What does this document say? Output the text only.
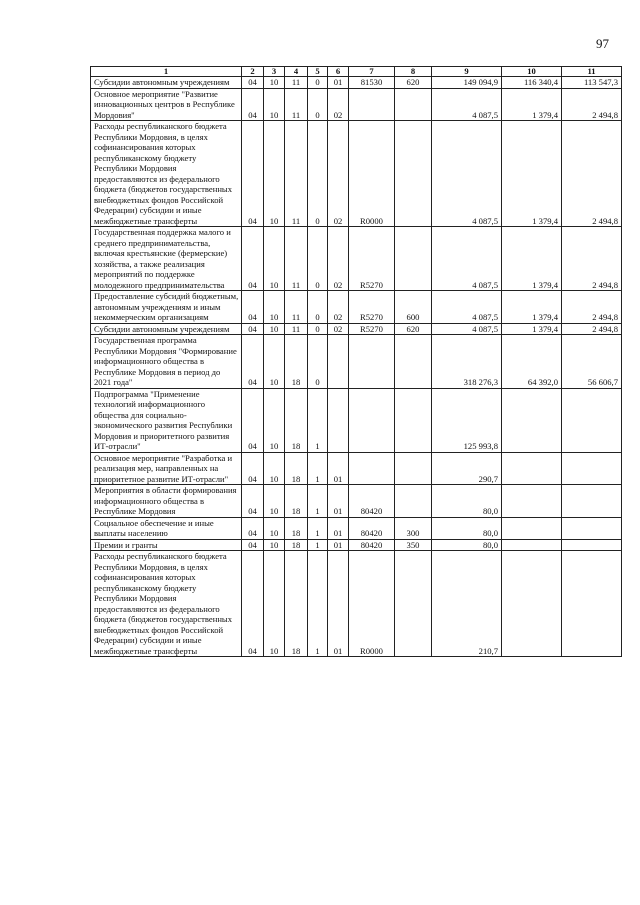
97
1	2	3	4	5	6	7	8	9	10	11
Субсидии автономным учреждениям	04	10	11	0	01	81530	620	149 094,9	116 340,4	113 547,3
Основное мероприятие "Развитие инновационных центров в Республике Мордовия"	04	10	11	0	02			4 087,5	1 379,4	2 494,8
Расходы республиканского бюджета Республики Мордовия, в целях софинансирования которых республиканскому бюджету Республики Мордовия предоставляются из федерального бюджета (бюджетов государственных внебюджетных фондов Российской Федерации) субсидии и иные межбюджетные трансферты	04	10	11	0	02	R0000		4 087,5	1 379,4	2 494,8
Государственная поддержка малого и среднего предпринимательства, включая крестьянские (фермерские) хозяйства, а также реализация мероприятий по поддержке молодежного предпринимательства	04	10	11	0	02	R5270		4 087,5	1 379,4	2 494,8
Предоставление субсидий бюджетным, автономным учреждениям и иным некоммерческим организациям	04	10	11	0	02	R5270	600	4 087,5	1 379,4	2 494,8
Субсидии автономным учреждениям	04	10	11	0	02	R5270	620	4 087,5	1 379,4	2 494,8
Государственная программа Республики Мордовия "Формирование информационного общества в Республике Мордовия в период до 2021 года"	04	10	18	0				318 276,3	64 392,0	56 606,7
Подпрограмма "Применение технологий информационного общества для социально-экономического развития Республики Мордовия и приоритетного развития ИТ-отрасли"	04	10	18	1				125 993,8		
Основное мероприятие "Разработка и реализация мер, направленных на приоритетное развитие ИТ-отрасли"	04	10	18	1	01			290,7		
Мероприятия в области формирования информационного общества в Республике Мордовия	04	10	18	1	01	80420		80,0		
Социальное обеспечение и иные выплаты населению	04	10	18	1	01	80420	300	80,0		
Премии и гранты	04	10	18	1	01	80420	350	80,0		
Расходы республиканского бюджета Республики Мордовия, в целях софинансирования которых республиканскому бюджету Республики Мордовия предоставляются из федерального бюджета (бюджетов государственных внебюджетных фондов Российской Федерации) субсидии и иные межбюджетные трансферты	04	10	18	1	01	R0000		210,7		
